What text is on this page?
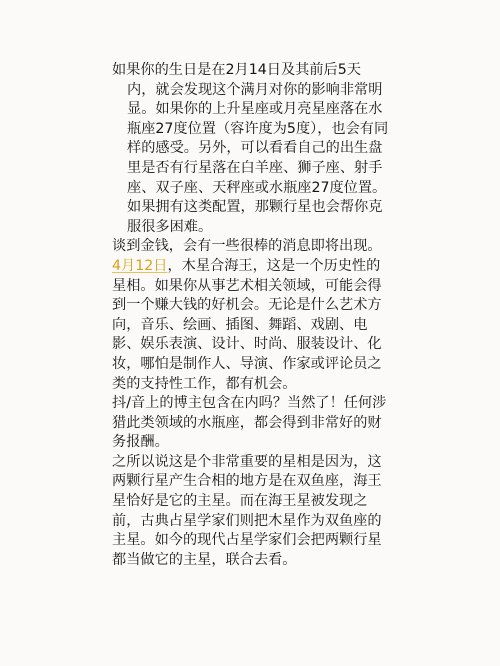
如果你的生日是在2月14日及其前后5天
内，就会发现这个满月对你的影响非常明显。如果你的上升星座或月亮星座落在水瓶座27度位置（容许度为5度），也会有同样的感受。另外，可以看看自己的出生盘里是否有行星落在白羊座、狮子座、射手座、双子座、天秤座或水瓶座27度位置。如果拥有这类配置，那颗行星也会帮你克服很多困难。

谈到金钱，会有一些很棒的消息即将出现。

4月12日，木星合海王，这是一个历史性的星相。如果你从事艺术相关领域，可能会得到一个赚大钱的好机会。无论是什么艺术方向，音乐、绘画、插图、舞蹈、戏剧、电影、娱乐表演、设计、时尚、服装设计、化妆，哪怕是制作人、导演、作家或评论员之类的支持性工作，都有机会。

抖/音上的博主包含在内吗？当然了！任何涉猎此类领域的水瓶座，都会得到非常好的财务报酬。

之所以说这是个非常重要的星相是因为，这两颗行星产生合相的地方是在双鱼座，海王星恰好是它的主星。而在海王星被发现之前，古典占星学家们则把木星作为双鱼座的主星。如今的现代占星学家们会把两颗行星都当做它的主星，联合去看。
